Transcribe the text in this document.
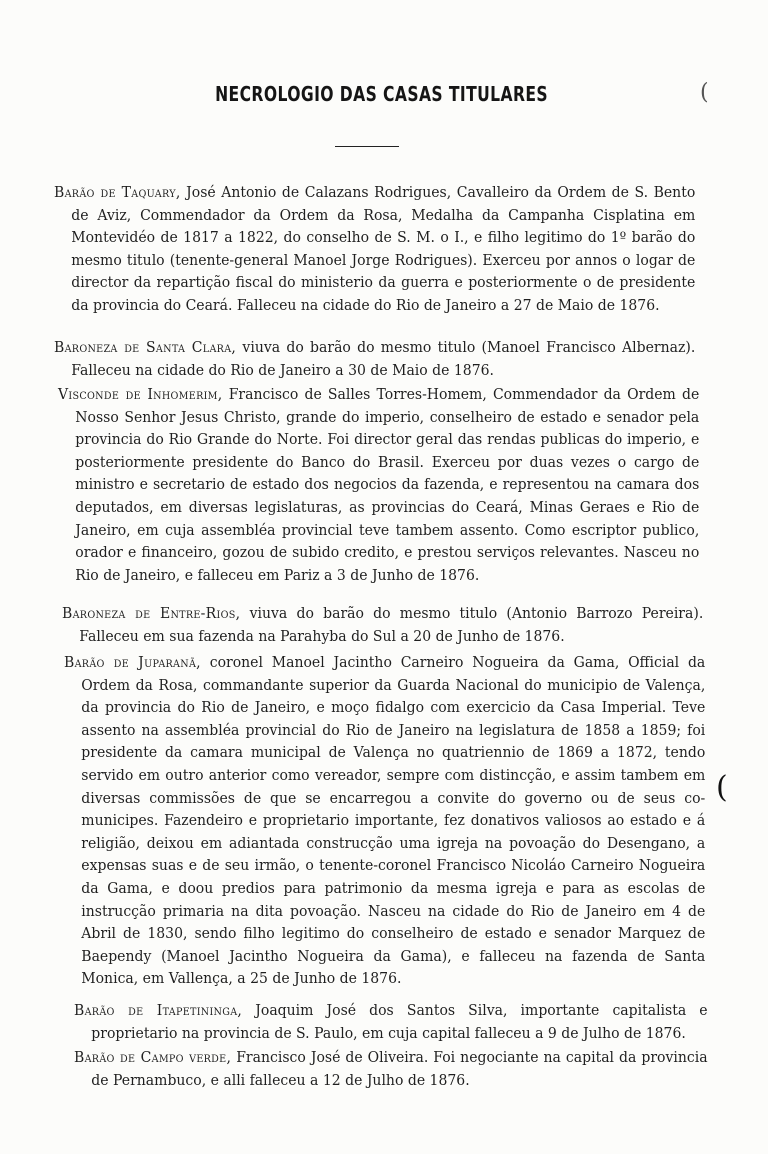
NECROLOGIO DAS CASAS TITULARES

Barão de Taquary, José Antonio de Calazans Rodrigues, Cavalleiro da Ordem de S. Bento de Aviz, Commendador da Ordem da Rosa, Medalha da Campanha Cisplatina em Montevidéo de 1817 a 1822, do conselho de S. M. o I., e filho legitimo do 1º barão do mesmo titulo (tenente-general Manoel Jorge Rodrigues). Exerceu por annos o logar de director da repartição fiscal do ministerio da guerra e posteriormente o de presidente da provincia do Ceará. Falleceu na cidade do Rio de Janeiro a 27 de Maio de 1876.

Baroneza de Santa Clara, viuva do barão do mesmo titulo (Manoel Francisco Albernaz). Falleceu na cidade do Rio de Janeiro a 30 de Maio de 1876.

Visconde de Inhomerim, Francisco de Salles Torres-Homem, Commendador da Ordem de Nosso Senhor Jesus Christo, grande do imperio, conselheiro de estado e senador pela provincia do Rio Grande do Norte. Foi director geral das rendas publicas do imperio, e posteriormente presidente do Banco do Brasil. Exerceu por duas vezes o cargo de ministro e secretario de estado dos negocios da fazenda, e representou na camara dos deputados, em diversas legislaturas, as provincias do Ceará, Minas Geraes e Rio de Janeiro, em cuja assembléa provincial teve tambem assento. Como escriptor publico, orador e financeiro, gozou de subido credito, e prestou serviços relevantes. Nasceu no Rio de Janeiro, e falleceu em Pariz a 3 de Junho de 1876.

Baroneza de Entre-Rios, viuva do barão do mesmo titulo (Antonio Barrozo Pereira). Falleceu em sua fazenda na Parahyba do Sul a 20 de Junho de 1876.

Barão de Juparanã, coronel Manoel Jacintho Carneiro Nogueira da Gama, Official da Ordem da Rosa, commandante superior da Guarda Nacional do municipio de Valença, da provincia do Rio de Janeiro, e moço fidalgo com exercicio da Casa Imperial. Teve assento na assembléa provincial do Rio de Janeiro na legislatura de 1858 a 1859; foi presidente da camara municipal de Valença no quatriennio de 1869 a 1872, tendo servido em outro anterior como vereador, sempre com distincção, e assim tambem em diversas commissões de que se encarregou a convite do governo ou de seus co-municipes. Fazendeiro e proprietario importante, fez donativos valiosos ao estado e á religião, deixou em adiantada construcção uma igreja na povoação do Desengano, a expensas suas e de seu irmão, o tenente-coronel Francisco Nicoláo Carneiro Nogueira da Gama, e doou predios para patrimonio da mesma igreja e para as escolas de instrucção primaria na dita povoação. Nasceu na cidade do Rio de Janeiro em 4 de Abril de 1830, sendo filho legitimo do conselheiro de estado e senador Marquez de Baependy (Manoel Jacintho Nogueira da Gama), e falleceu na fazenda de Santa Monica, em Vallença, a 25 de Junho de 1876.

Barão de Itapetininga, Joaquim José dos Santos Silva, importante capitalista e proprietario na provincia de S. Paulo, em cuja capital falleceu a 9 de Julho de 1876.

Barão de Campo verde, Francisco José de Oliveira. Foi negociante na capital da provincia de Pernambuco, e alli falleceu a 12 de Julho de 1876.

(
(
